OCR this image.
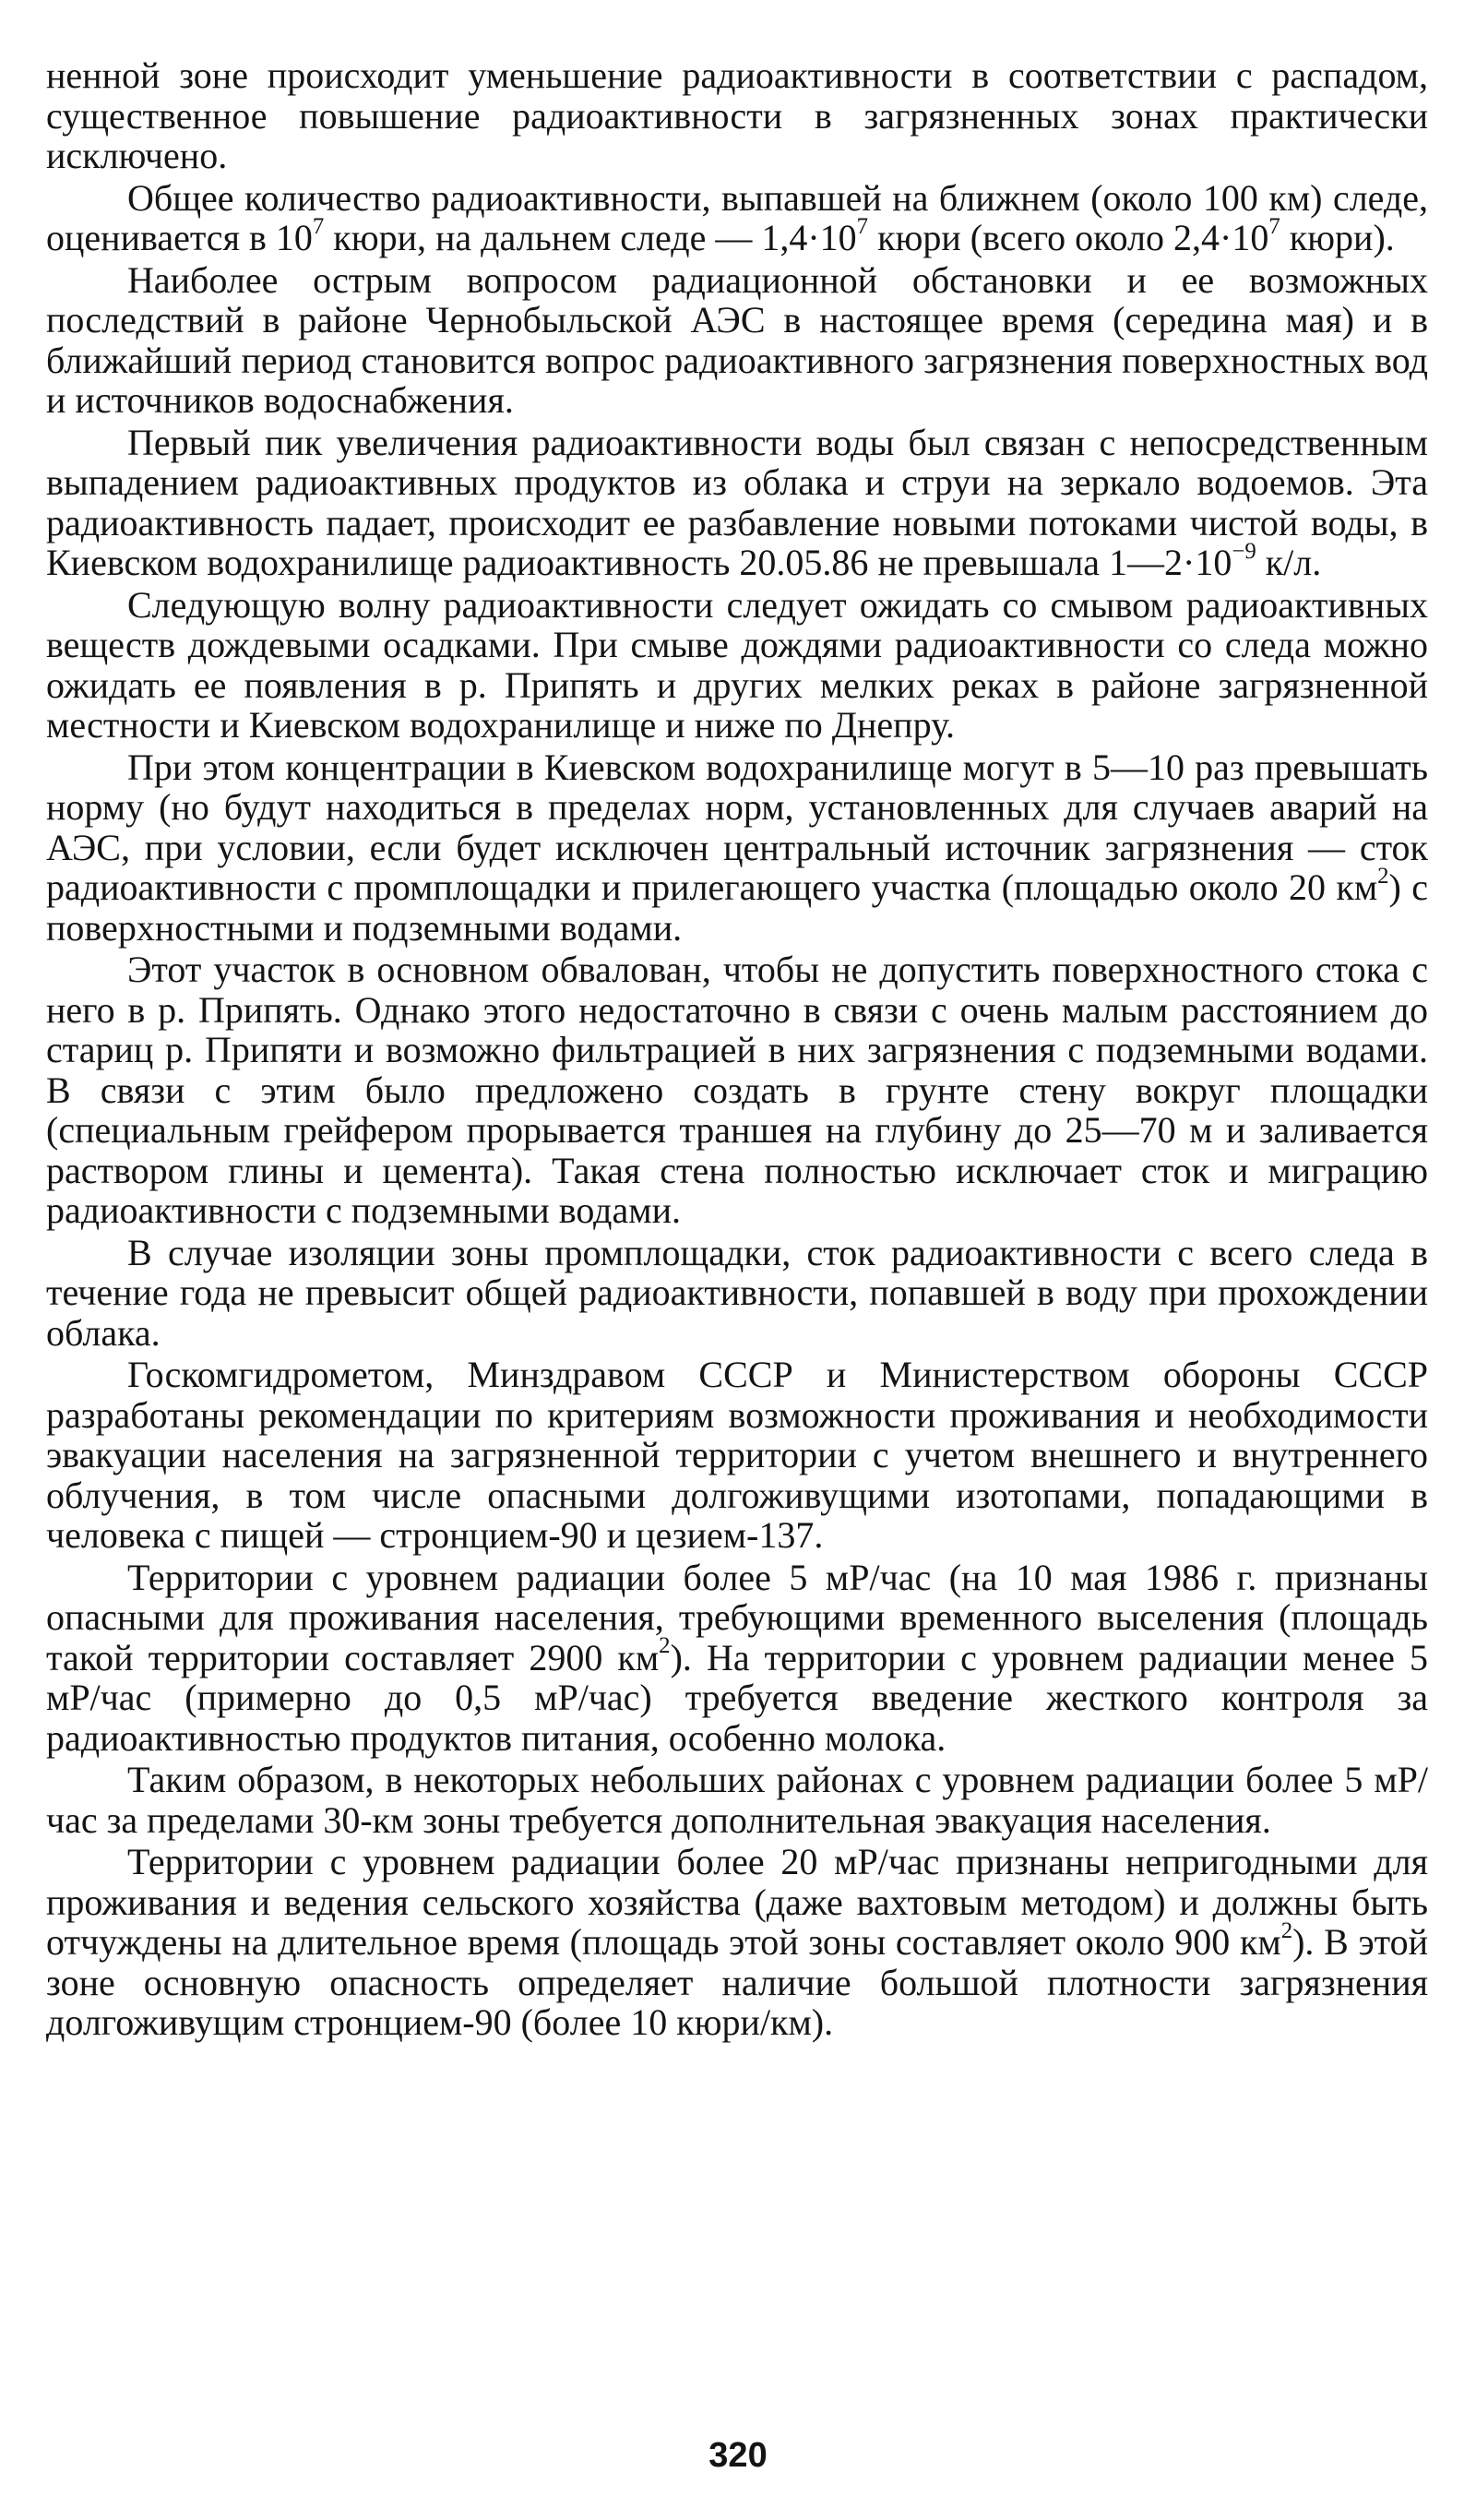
ненной зоне происходит уменьшение радиоактивности в соответствии с распадом, существенное повышение радиоактивности в загрязненных зонах практически исключено.

Общее количество радиоактивности, выпавшей на ближнем (около 100 км) следе, оценивается в $10^7$ кюри, на дальнем следе — $1,4\cdot 10^7$ кюри (всего около $2,4\cdot 10^7$ кюри).

Наиболее острым вопросом радиационной обстановки и ее возможных последствий в районе Чернобыльской АЭС в настоящее время (середина мая) и в ближайший период становится вопрос радиоактивного загрязнения поверхностных вод и источников водоснабжения.

Первый пик увеличения радиоактивности воды был связан с непосредственным выпадением радиоактивных продуктов из облака и струи на зеркало водоемов. Эта радиоактивность падает, происходит ее разбавление новыми потоками чистой воды, в Киевском водохранилище радиоактивность 20.05.86 не превышала $1—2\cdot 10^{-9}$ к/л.

Следующую волну радиоактивности следует ожидать со смывом радиоактивных веществ дождевыми осадками. При смыве дождями радиоактивности со следа можно ожидать ее появления в р. Припять и других мелких реках в районе загрязненной местности и Киевском водохранилище и ниже по Днепру.

При этом концентрации в Киевском водохранилище могут в 5—10 раз превышать норму (но будут находиться в пределах норм, установленных для случаев аварий на АЭС, при условии, если будет исключен центральный источник загрязнения — сток радиоактивности с промплощадки и прилегающего участка (площадью около 20 $км^2$) с поверхностными и подземными водами.

Этот участок в основном обвалован, чтобы не допустить поверхностного стока с него в р. Припять. Однако этого недостаточно в связи с очень малым расстоянием до стариц р. Припяти и возможно фильтрацией в них загрязнения с подземными водами. В связи с этим было предложено создать в грунте стену вокруг площадки (специальным грейфером прорывается траншея на глубину до 25—70 м и заливается раствором глины и цемента). Такая стена полностью исключает сток и миграцию радиоактивности с подземными водами.

В случае изоляции зоны промплощадки, сток радиоактивности с всего следа в течение года не превысит общей радиоактивности, попавшей в воду при прохождении облака.

Госкомгидрометом, Минздравом СССР и Министерством обороны СССР разработаны рекомендации по критериям возможности проживания и необходимости эвакуации населения на загрязненной территории с учетом внешнего и внутреннего облучения, в том числе опасными долгоживущими изотопами, попадающими в человека с пищей — стронцием-90 и цезием-137.

Территории с уровнем радиации более 5 мР/час (на 10 мая 1986 г. признаны опасными для проживания населения, требующими временного выселения (площадь такой территории составляет 2900 $км^2$). На территории с уровнем радиации менее 5 мР/час (примерно до 0,5 мР/час) требуется введение жесткого контроля за радиоактивностью продуктов питания, особенно молока.

Таким образом, в некоторых небольших районах с уровнем радиации более 5 мР/час за пределами 30-км зоны требуется дополнительная эвакуация населения.

Территории с уровнем радиации более 20 мР/час признаны непригодными для проживания и ведения сельского хозяйства (даже вахтовым методом) и должны быть отчуждены на длительное время (площадь этой зоны составляет около 900 $км^2$). В этой зоне основную опасность определяет наличие большой плотности загрязнения долгоживущим стронцием-90 (более 10 кюри/км).

320
